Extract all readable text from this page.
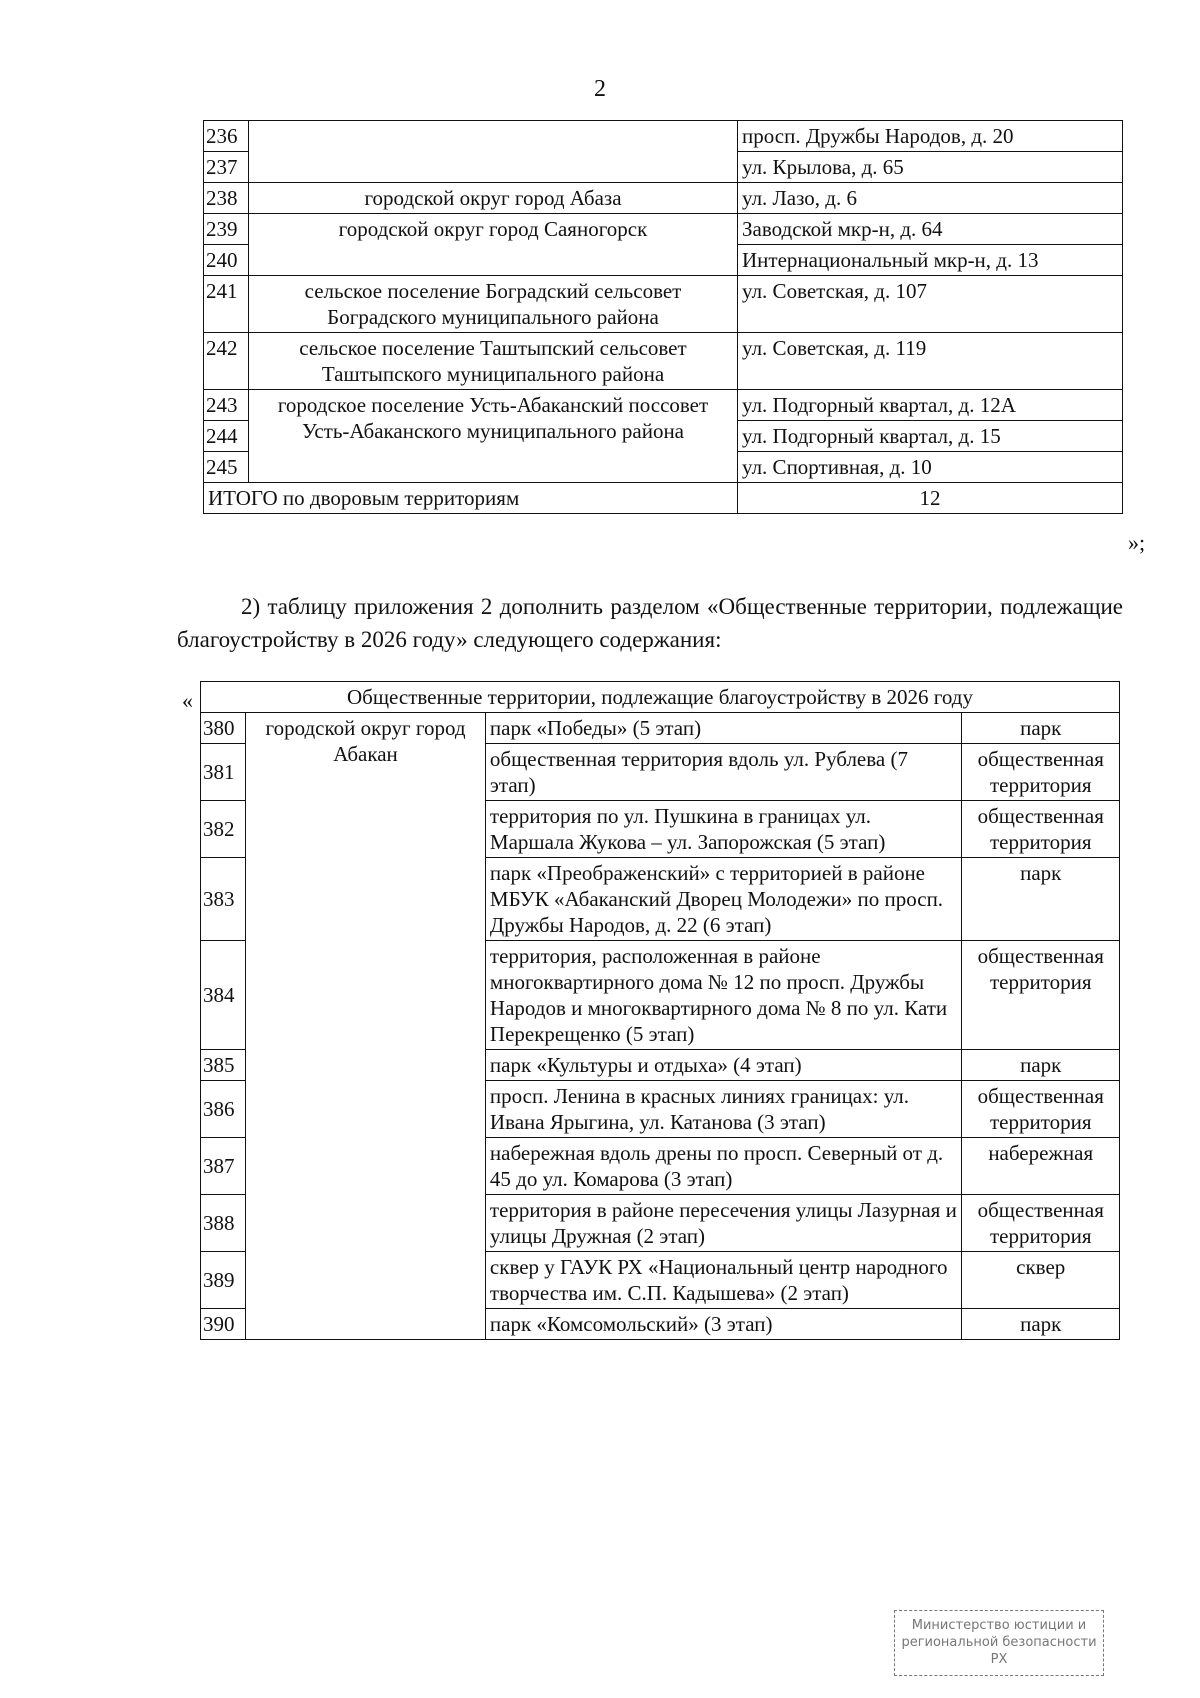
2
236		просп. Дружбы Народов, д. 20
237		ул. Крылова, д. 65
238	городской округ город Абаза	ул. Лазо, д. 6
239	городской округ город Саяногорск	Заводской мкр-н, д. 64
240		Интернациональный мкр-н, д. 13
241	сельское поселение Боградский сельсовет Боградского муниципального района	ул. Советская, д. 107
242	сельское поселение Таштыпский сельсовет Таштыпского муниципального района	ул. Советская, д. 119
243	городское поселение Усть-Абаканский поссовет Усть-Абаканского муниципального района	ул. Подгорный квартал, д. 12А
244		ул. Подгорный квартал, д. 15
245		ул. Спортивная, д. 10
ИТОГО по дворовым территориям		12
»;
2) таблицу приложения 2 дополнить разделом «Общественные территории, подлежащие благоустройству в 2026 году» следующего содержания:
«	Общественные территории, подлежащие благоустройству в 2026 году			
380	городской округ город Абакан	парк «Победы» (5 этап)	парк
381		общественная территория вдоль ул. Рублева (7 этап)	общественная территория
382		территория по ул. Пушкина в границах ул. Маршала Жукова – ул. Запорожская (5 этап)	общественная территория
383		парк «Преображенский» с территорией в районе МБУК «Абаканский Дворец Молодежи» по просп. Дружбы Народов, д. 22 (6 этап)	парк
384		территория, расположенная в районе многоквартирного дома № 12 по просп. Дружбы Народов и многоквартирного дома № 8 по ул. Кати Перекрещенко (5 этап)	общественная территория
385		парк «Культуры и отдыха» (4 этап)	парк
386		просп. Ленина в красных линиях границах: ул. Ивана Ярыгина, ул. Катанова (3 этап)	общественная территория
387		набережная вдоль дрены по просп. Северный от д. 45 до ул. Комарова (3 этап)	набережная
388		территория в районе пересечения улицы Лазурная и улицы Дружная (2 этап)	общественная территория
389		сквер у ГАУК РХ «Национальный центр народного творчества им. С.П. Кадышева» (2 этап)	сквер
390		парк «Комсомольский» (3 этап)	парк
Министерство юстиции и региональной безопасности РХ
